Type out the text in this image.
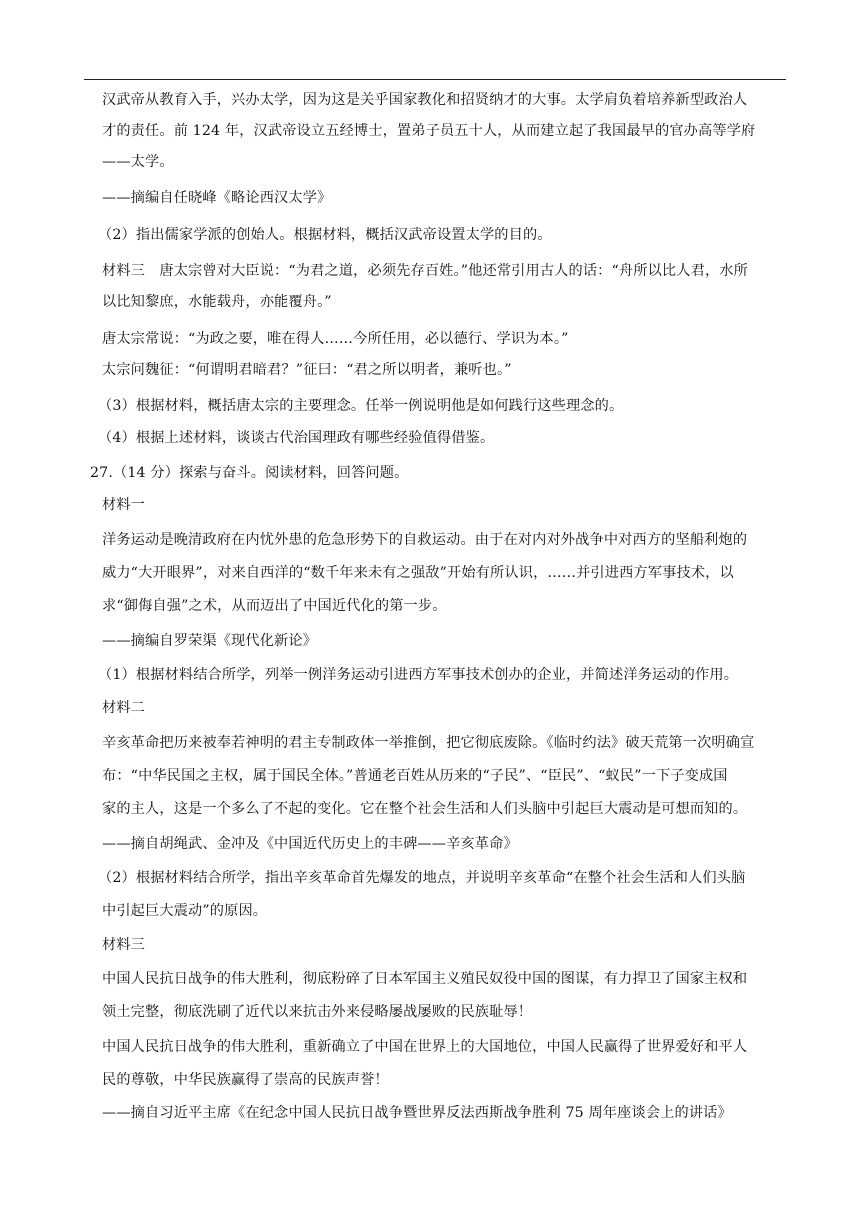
汉武帝从教育入手，兴办太学，因为这是关乎国家教化和招贤纳才的大事。太学肩负着培养新型政治人
才的责任。前 124 年，汉武帝设立五经博士，置弟子员五十人，从而建立起了我国最早的官办高等学府
——太学。
——摘编自任晓峰《略论西汉太学》
（2）指出儒家学派的创始人。根据材料，概括汉武帝设置太学的目的。
材料三　唐太宗曾对大臣说：“为君之道，必须先存百姓。”他还常引用古人的话：“舟所以比人君，水所
以比知黎庶，水能载舟，亦能覆舟。”
唐太宗常说：“为政之要，唯在得人……今所任用，必以德行、学识为本。”
太宗问魏征：“何谓明君暗君？”征曰：“君之所以明者，兼听也。”
（3）根据材料，概括唐太宗的主要理念。任举一例说明他是如何践行这些理念的。
（4）根据上述材料，谈谈古代治国理政有哪些经验值得借鉴。
27.（14 分）探索与奋斗。阅读材料，回答问题。
材料一
洋务运动是晚清政府在内忧外患的危急形势下的自救运动。由于在对内对外战争中对西方的坚船利炮的
威力“大开眼界”，对来自西洋的“数千年来未有之强敌”开始有所认识，……并引进西方军事技术，以
求“御侮自强”之术，从而迈出了中国近代化的第一步。
——摘编自罗荣渠《现代化新论》
（1）根据材料结合所学，列举一例洋务运动引进西方军事技术创办的企业，并简述洋务运动的作用。
材料二
辛亥革命把历来被奉若神明的君主专制政体一举推倒，把它彻底废除。《临时约法》破天荒第一次明确宣
布：“中华民国之主权，属于国民全体。”普通老百姓从历来的“子民”、“臣民”、“蚁民”一下子变成国
家的主人，这是一个多么了不起的变化。它在整个社会生活和人们头脑中引起巨大震动是可想而知的。
——摘自胡绳武、金冲及《中国近代历史上的丰碑——辛亥革命》
（2）根据材料结合所学，指出辛亥革命首先爆发的地点，并说明辛亥革命“在整个社会生活和人们头脑
中引起巨大震动”的原因。
材料三
中国人民抗日战争的伟大胜利，彻底粉碎了日本军国主义殖民奴役中国的图谋，有力捍卫了国家主权和
领土完整，彻底洗刷了近代以来抗击外来侵略屡战屡败的民族耻辱！
中国人民抗日战争的伟大胜利，重新确立了中国在世界上的大国地位，中国人民赢得了世界爱好和平人
民的尊敬，中华民族赢得了崇高的民族声誉！
——摘自习近平主席《在纪念中国人民抗日战争暨世界反法西斯战争胜利 75 周年座谈会上的讲话》
